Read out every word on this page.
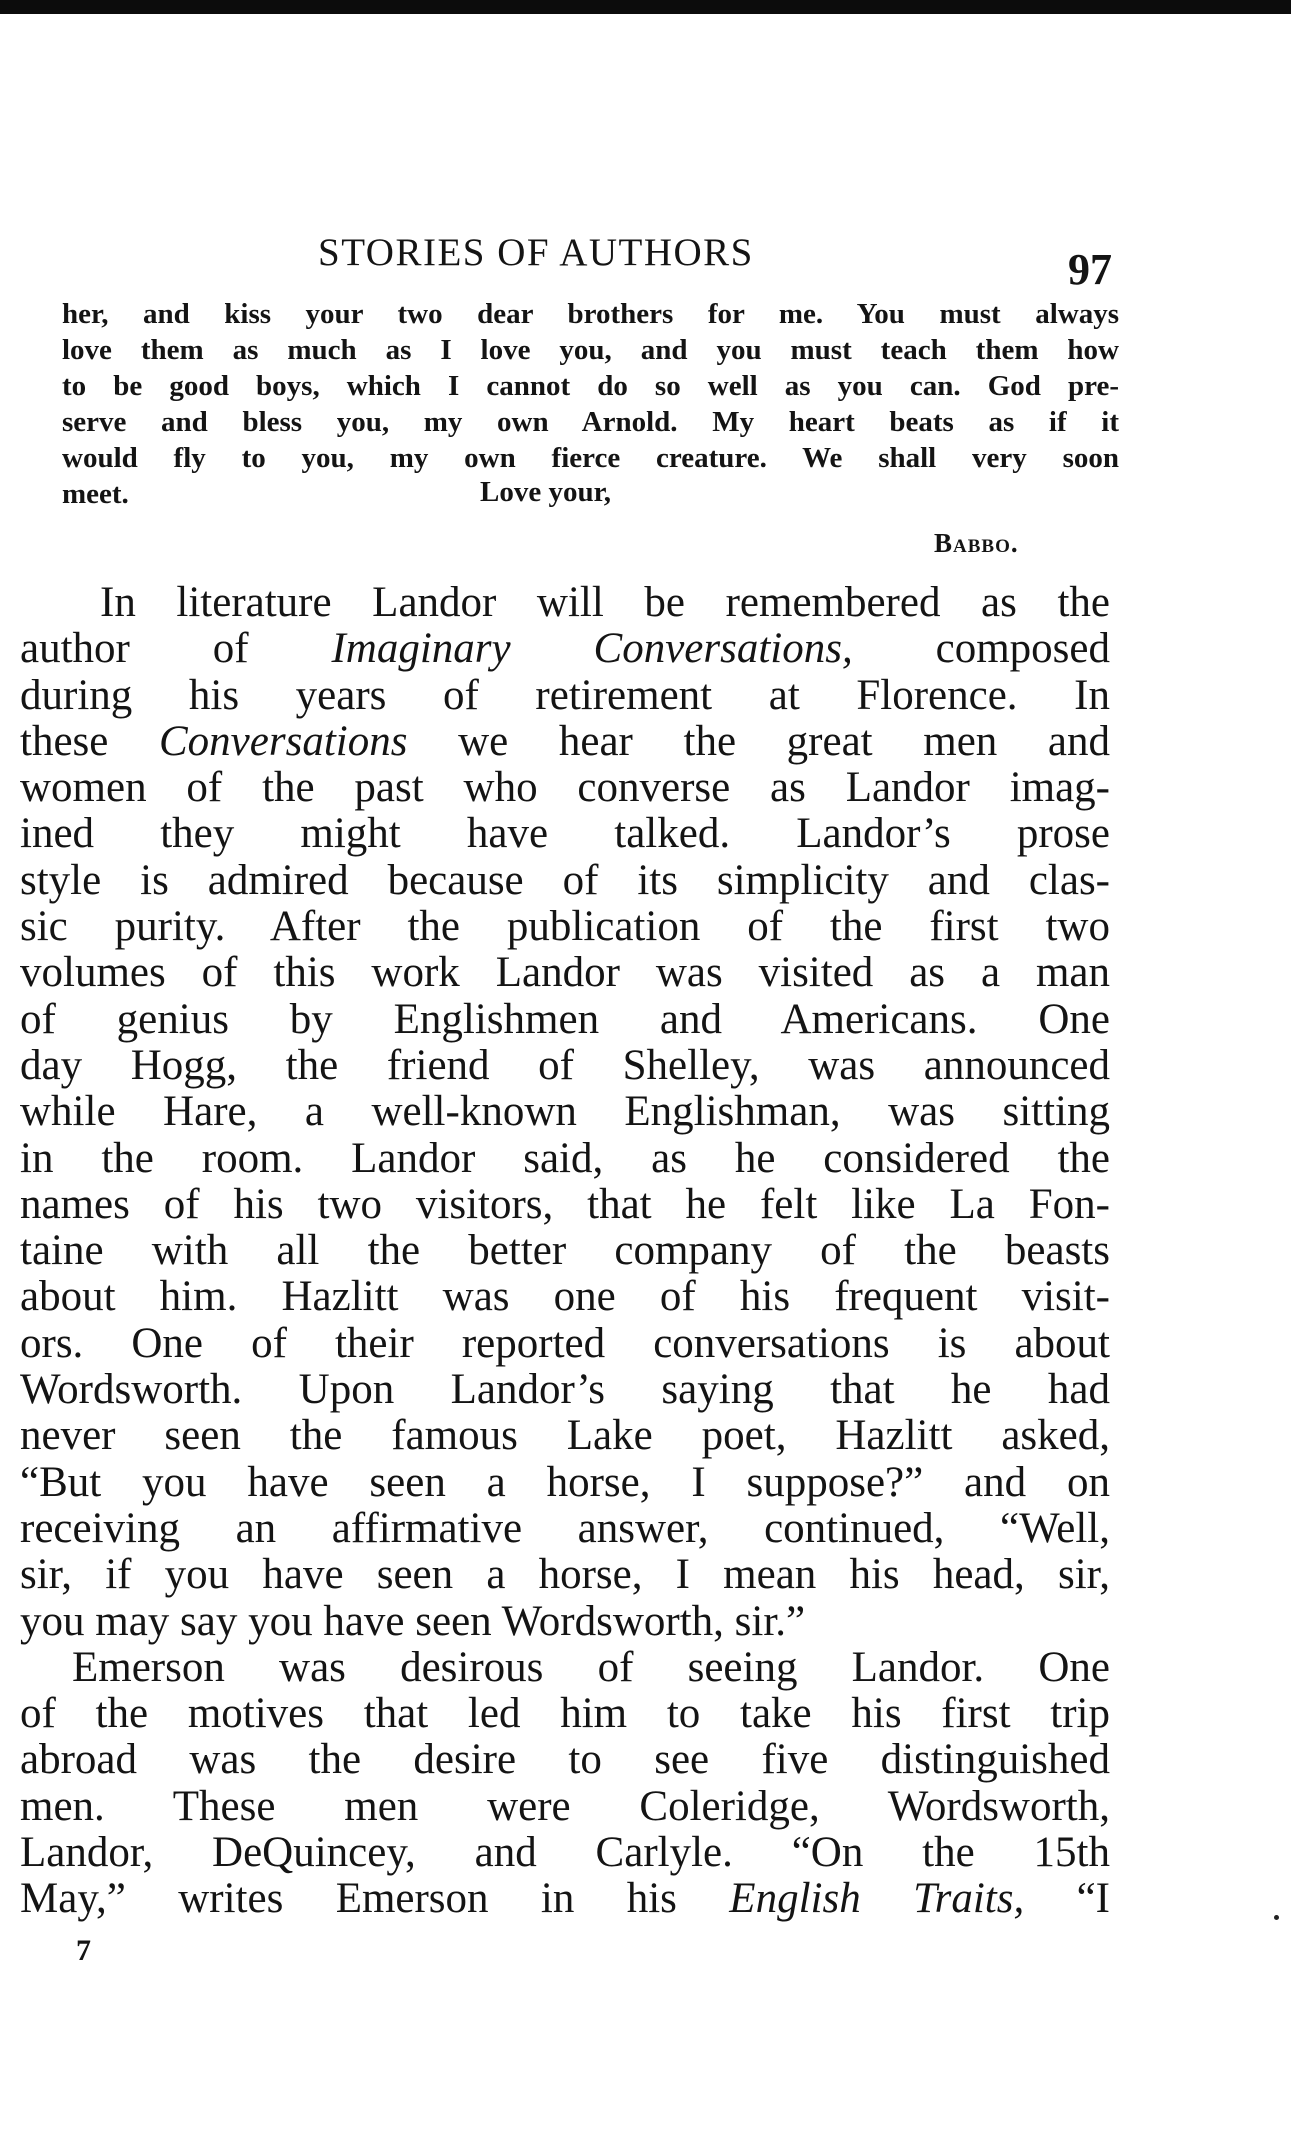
STORIES OF AUTHORS	97
her, and kiss your two dear brothers for me. You must always
love them as much as I love you, and you must teach them how
to be good boys, which I cannot do so well as you can. God pre-
serve and bless you, my own Arnold. My heart beats as if it
would fly to you, my own fierce creature. We shall very soon
meet.	Love your,
Babbo.
In literature Landor will be remembered as the
author of Imaginary Conversations, composed
during his years of retirement at Florence. In
these Conversations we hear the great men and
women of the past who converse as Landor imag-
ined they might have talked. Landor’s prose
style is admired because of its simplicity and clas-
sic purity. After the publication of the first two
volumes of this work Landor was visited as a man
of genius by Englishmen and Americans. One
day Hogg, the friend of Shelley, was announced
while Hare, a well-known Englishman, was sitting
in the room. Landor said, as he considered the
names of his two visitors, that he felt like La Fon-
taine with all the better company of the beasts
about him. Hazlitt was one of his frequent visit-
ors. One of their reported conversations is about
Wordsworth. Upon Landor’s saying that he had
never seen the famous Lake poet, Hazlitt asked,
“But you have seen a horse, I suppose?” and on
receiving an affirmative answer, continued, “Well,
sir, if you have seen a horse, I mean his head, sir,
you may say you have seen Wordsworth, sir.”
Emerson was desirous of seeing Landor. One
of the motives that led him to take his first trip
abroad was the desire to see five distinguished
men. These men were Coleridge, Wordsworth,
Landor, DeQuincey, and Carlyle. “On the 15th
May,” writes Emerson in his English Traits, “I
7
